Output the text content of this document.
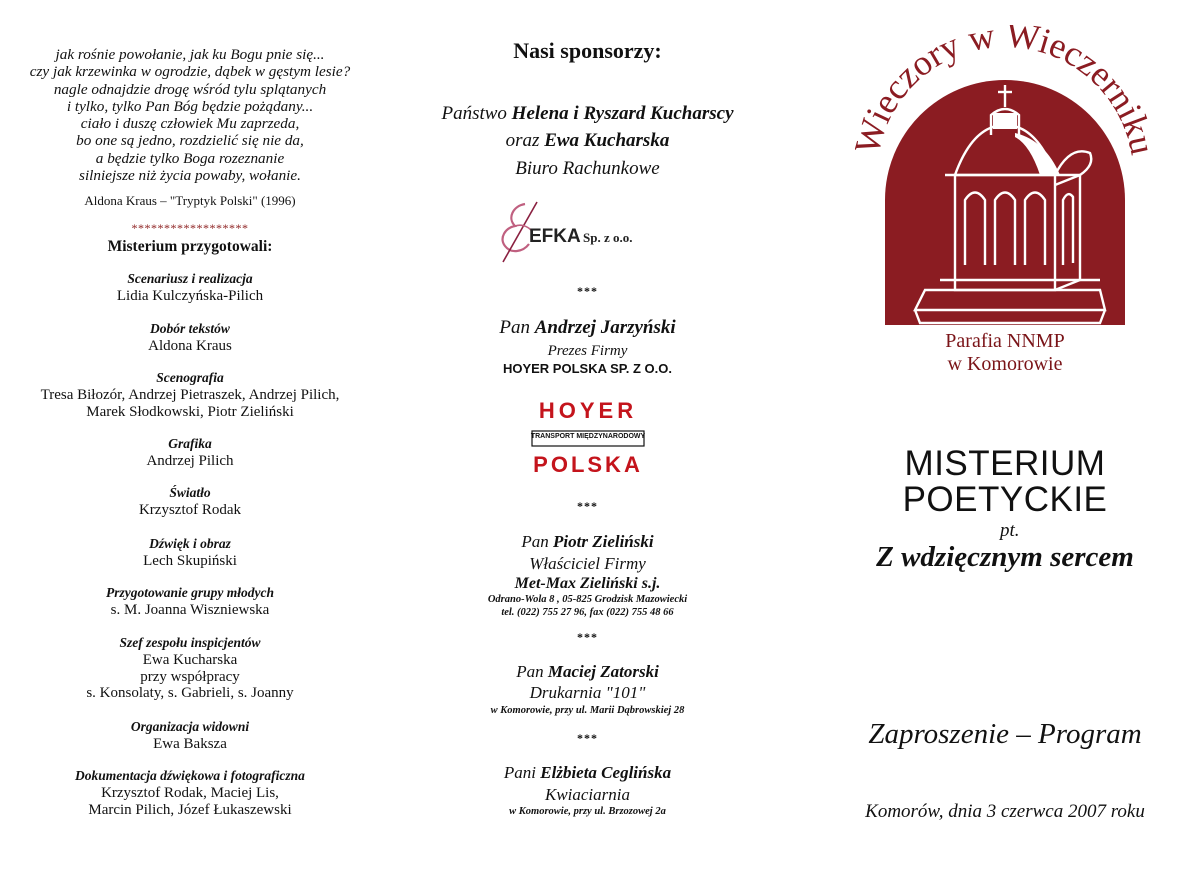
jak rośnie powołanie, jak ku Bogu pnie się...
czy jak krzewinka w ogrodzie, dąbek w gęstym lesie?
nagle odnajdzie drogę wśród tylu splątanych
i tylko, tylko Pan Bóg będzie pożądany...
ciało i duszę człowiek Mu zaprzeda,
bo one są jedno, rozdzielić się nie da,
a będzie tylko Boga rozeznanie
silniejsze niż życia powaby, wołanie.
Aldona Kraus – "Tryptyk Polski" (1996)
******************
Misterium przygotowali:
Scenariusz i realizacja
Lidia Kulczyńska-Pilich
Dobór tekstów
Aldona Kraus
Scenografia
Tresa Biłozór, Andrzej Pietraszek, Andrzej Pilich,
Marek Słodkowski, Piotr Zieliński
Grafika
Andrzej Pilich
Światło
Krzysztof Rodak
Dźwięk i obraz
Lech Skupiński
Przygotowanie grupy młodych
s. M. Joanna Wiszniewska
Szef zespołu inspicjentów
Ewa Kucharska
przy współpracy
s. Konsolaty, s. Gabrieli, s. Joanny
Organizacja widowni
Ewa Baksza
Dokumentacja dźwiękowa i fotograficzna
Krzysztof Rodak, Maciej Lis,
Marcin Pilich, Józef Łukaszewski
Nasi sponsorzy:
Państwo Helena i Ryszard Kucharscy
oraz Ewa Kucharska
Biuro Rachunkowe
EFKA Sp. z o.o.
***
Pan Andrzej Jarzyński
Prezes Firmy
HOYER POLSKA SP. Z O.O.
HOYER
TRANSPORT MIĘDZYNARODOWY
POLSKA
***
Pan Piotr Zieliński
Właściciel Firmy
Met-Max Zieliński s.j.
Odrano-Wola 8 , 05-825 Grodzisk Mazowiecki
tel. (022) 755 27 96, fax (022) 755 48 66
***
Pan Maciej Zatorski
Drukarnia "101"
w Komorowie, przy ul. Marii Dąbrowskiej 28
***
Pani Elżbieta Ceglińska
Kwiaciarnia
w Komorowie, przy ul. Brzozowej 2a
ieczory w Wieczernik
Parafia NNMP
w Komorowie
MISTERIUM
POETYCKIE
pt.
Z wdzięcznym sercem
Zaproszenie – Program
Komorów, dnia 3 czerwca 2007 roku
